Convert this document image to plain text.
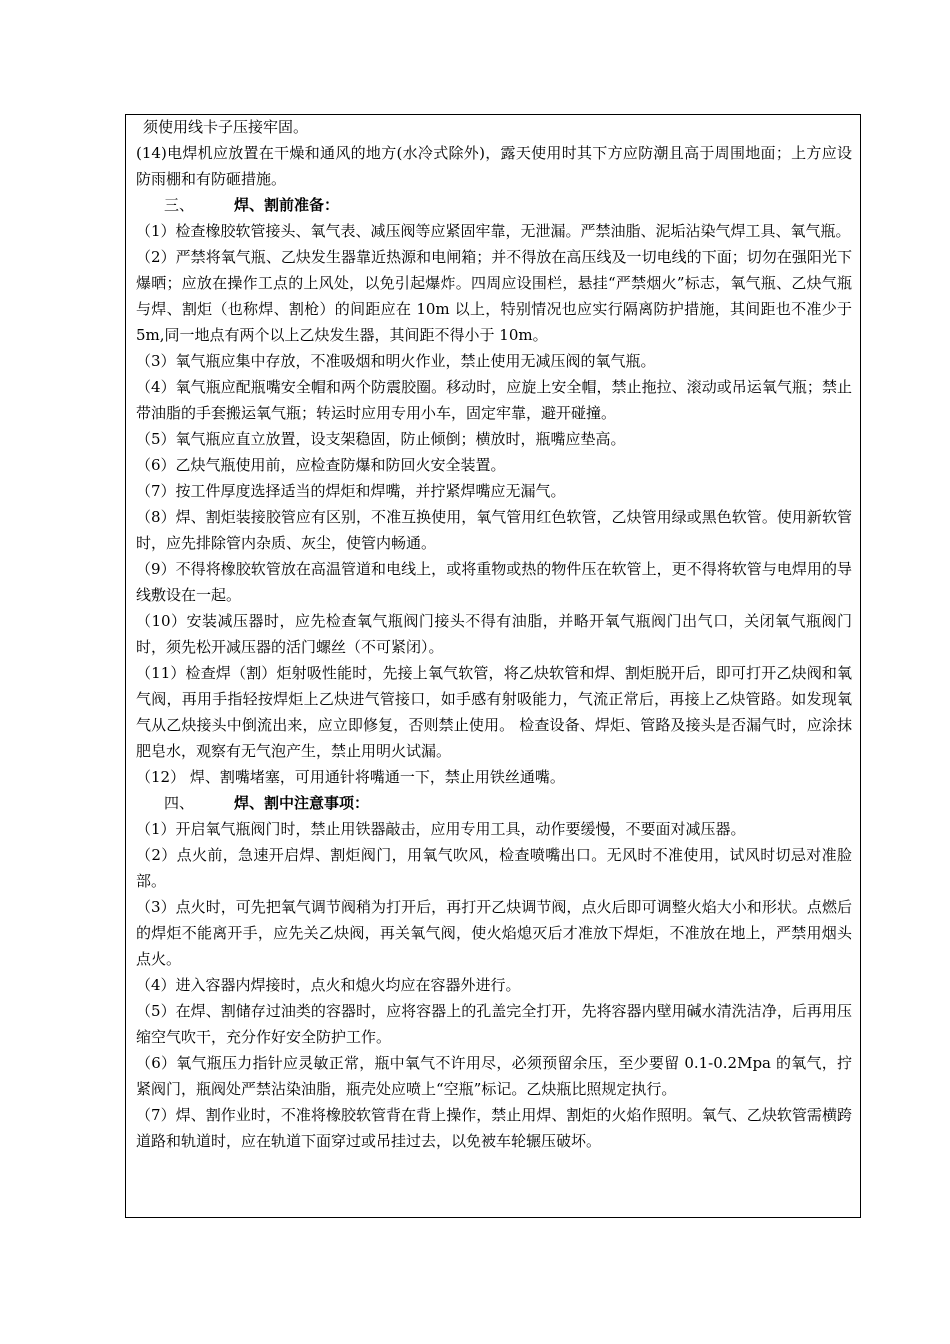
须使用线卡子压接牢固。

(14)电焊机应放置在干燥和通风的地方(水冷式除外)，露天使用时其下方应防潮且高于周围地面；上方应设防雨棚和有防砸措施。

三、	焊、割前准备：

（1）检查橡胶软管接头、氧气表、减压阀等应紧固牢靠，无泄漏。严禁油脂、泥垢沾染气焊工具、氧气瓶。

（2）严禁将氧气瓶、乙炔发生器靠近热源和电闸箱；并不得放在高压线及一切电线的下面；切勿在强阳光下爆晒；应放在操作工点的上风处，以免引起爆炸。四周应设围栏，悬挂“严禁烟火”标志，氧气瓶、乙炔气瓶与焊、割炬（也称焊、割枪）的间距应在 10m 以上，特别情况也应实行隔离防护措施，其间距也不准少于 5m,同一地点有两个以上乙炔发生器，其间距不得小于 10m。

（3）氧气瓶应集中存放，不准吸烟和明火作业，禁止使用无减压阀的氧气瓶。

（4）氧气瓶应配瓶嘴安全帽和两个防震胶圈。移动时，应旋上安全帽，禁止拖拉、滚动或吊运氧气瓶；禁止带油脂的手套搬运氧气瓶；转运时应用专用小车，固定牢靠，避开碰撞。

（5）氧气瓶应直立放置，设支架稳固，防止倾倒；横放时，瓶嘴应垫高。

（6）乙炔气瓶使用前，应检查防爆和防回火安全装置。

（7）按工件厚度选择适当的焊炬和焊嘴，并拧紧焊嘴应无漏气。

（8）焊、割炬装接胶管应有区别，不准互换使用，氧气管用红色软管，乙炔管用绿或黑色软管。使用新软管时，应先排除管内杂质、灰尘，使管内畅通。

（9）不得将橡胶软管放在高温管道和电线上，或将重物或热的物件压在软管上，更不得将软管与电焊用的导线敷设在一起。

（10）安装减压器时，应先检查氧气瓶阀门接头不得有油脂，并略开氧气瓶阀门出气口，关闭氧气瓶阀门时，须先松开减压器的活门螺丝（不可紧闭）。

（11）检查焊（割）炬射吸性能时，先接上氧气软管，将乙炔软管和焊、割炬脱开后，即可打开乙炔阀和氧气阀，再用手指轻按焊炬上乙炔进气管接口，如手感有射吸能力，气流正常后，再接上乙炔管路。如发现氧气从乙炔接头中倒流出来，应立即修复，否则禁止使用。 检查设备、焊炬、管路及接头是否漏气时，应涂抹肥皂水，观察有无气泡产生，禁止用明火试漏。

（12） 焊、割嘴堵塞，可用通针将嘴通一下，禁止用铁丝通嘴。

四、	焊、割中注意事项：

（1）开启氧气瓶阀门时，禁止用铁器敲击，应用专用工具，动作要缓慢，不要面对减压器。

（2）点火前，急速开启焊、割炬阀门，用氧气吹风，检查喷嘴出口。无风时不准使用，试风时切忌对准脸部。

（3）点火时，可先把氧气调节阀稍为打开后，再打开乙炔调节阀，点火后即可调整火焰大小和形状。点燃后的焊炬不能离开手，应先关乙炔阀，再关氧气阀，使火焰熄灭后才准放下焊炬，不准放在地上，严禁用烟头点火。

（4）进入容器内焊接时，点火和熄火均应在容器外进行。

（5）在焊、割储存过油类的容器时，应将容器上的孔盖完全打开，先将容器内壁用碱水清洗洁净，后再用压缩空气吹干，充分作好安全防护工作。

（6）氧气瓶压力指针应灵敏正常，瓶中氧气不许用尽，必须预留余压，至少要留 0.1-0.2Mpa 的氧气，拧紧阀门，瓶阀处严禁沾染油脂，瓶壳处应喷上“空瓶”标记。乙炔瓶比照规定执行。

（7）焊、割作业时，不准将橡胶软管背在背上操作，禁止用焊、割炬的火焰作照明。氧气、乙炔软管需横跨道路和轨道时，应在轨道下面穿过或吊挂过去，以免被车轮辗压破坏。
